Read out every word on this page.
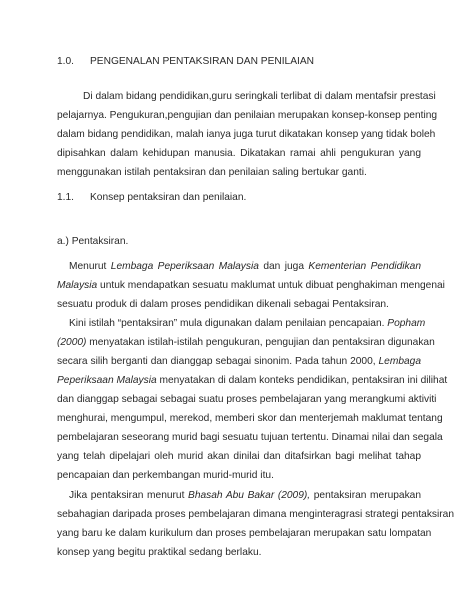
1.0. PENGENALAN PENTAKSIRAN DAN PENILAIAN
Di dalam bidang pendidikan,guru seringkali terlibat di dalam mentafsir prestasi
pelajarnya. Pengukuran,pengujian dan penilaian merupakan konsep-konsep penting
dalam bidang pendidikan, malah ianya juga turut dikatakan konsep yang tidak boleh
dipisahkan dalam kehidupan manusia. Dikatakan ramai ahli pengukuran yang
menggunakan istilah pentaksiran dan penilaian saling bertukar ganti.
1.1. Konsep pentaksiran dan penilaian.
a.) Pentaksiran.
Menurut Lembaga Peperiksaan Malaysia dan juga Kementerian Pendidikan
Malaysia untuk mendapatkan sesuatu maklumat untuk dibuat penghakiman mengenai
sesuatu produk di dalam proses pendidikan dikenali sebagai Pentaksiran.
Kini istilah “pentaksiran” mula digunakan dalam penilaian pencapaian. Popham
(2000) menyatakan istilah-istilah pengukuran, pengujian dan pentaksiran digunakan
secara silih berganti dan dianggap sebagai sinonim. Pada tahun 2000, Lembaga
Peperiksaan Malaysia menyatakan di dalam konteks pendidikan, pentaksiran ini dilihat
dan dianggap sebagai sebagai suatu proses pembelajaran yang merangkumi aktiviti
menghurai, mengumpul, merekod, memberi skor dan menterjemah maklumat tentang
pembelajaran seseorang murid bagi sesuatu tujuan tertentu. Dinamai nilai dan segala
yang telah dipelajari oleh murid akan dinilai dan ditafsirkan bagi melihat tahap
pencapaian dan perkembangan murid-murid itu.
Jika pentaksiran menurut Bhasah Abu Bakar (2009), pentaksiran merupakan
sebahagian daripada proses pembelajaran dimana menginteragrasi strategi pentaksiran
yang baru ke dalam kurikulum dan proses pembelajaran merupakan satu lompatan
konsep yang begitu praktikal sedang berlaku.
